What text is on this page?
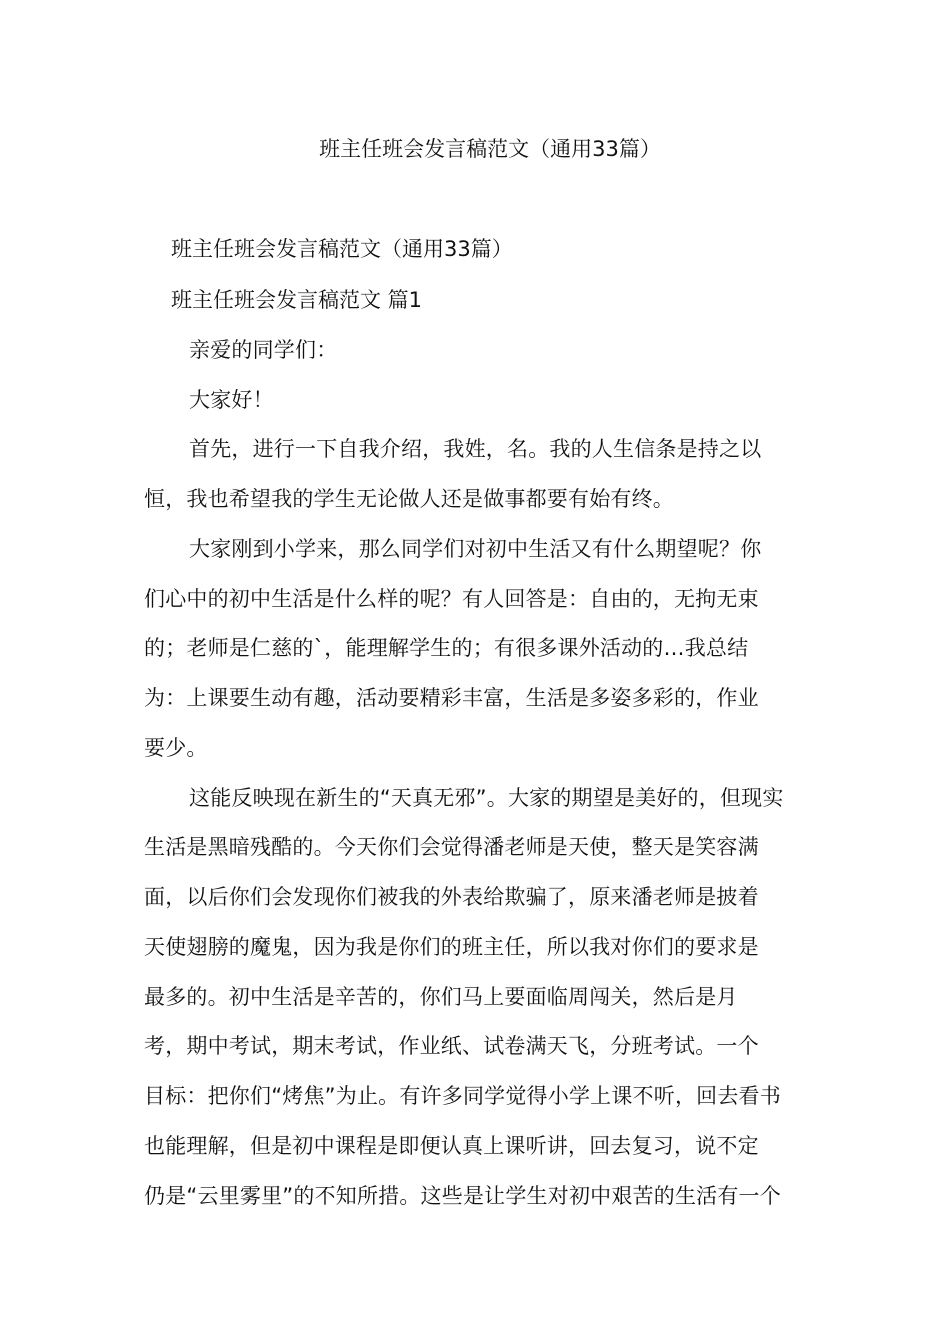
班主任班会发言稿范文（通用33篇）
班主任班会发言稿范文（通用33篇）
班主任班会发言稿范文 篇1
亲爱的同学们：
大家好！
首先，进行一下自我介绍，我姓，名。我的人生信条是持之以
恒，我也希望我的学生无论做人还是做事都要有始有终。
大家刚到小学来，那么同学们对初中生活又有什么期望呢？你
们心中的初中生活是什么样的呢？有人回答是：自由的，无拘无束
的；老师是仁慈的`，能理解学生的；有很多课外活动的…我总结
为：上课要生动有趣，活动要精彩丰富，生活是多姿多彩的，作业
要少。
这能反映现在新生的“天真无邪”。大家的期望是美好的，但现实
生活是黑暗残酷的。今天你们会觉得潘老师是天使，整天是笑容满
面，以后你们会发现你们被我的外表给欺骗了，原来潘老师是披着
天使翅膀的魔鬼，因为我是你们的班主任，所以我对你们的要求是
最多的。初中生活是辛苦的，你们马上要面临周闯关，然后是月
考，期中考试，期末考试，作业纸、试卷满天飞，分班考试。一个
目标：把你们“烤焦”为止。有许多同学觉得小学上课不听，回去看书
也能理解，但是初中课程是即便认真上课听讲，回去复习，说不定
仍是“云里雾里”的不知所措。这些是让学生对初中艰苦的生活有一个
